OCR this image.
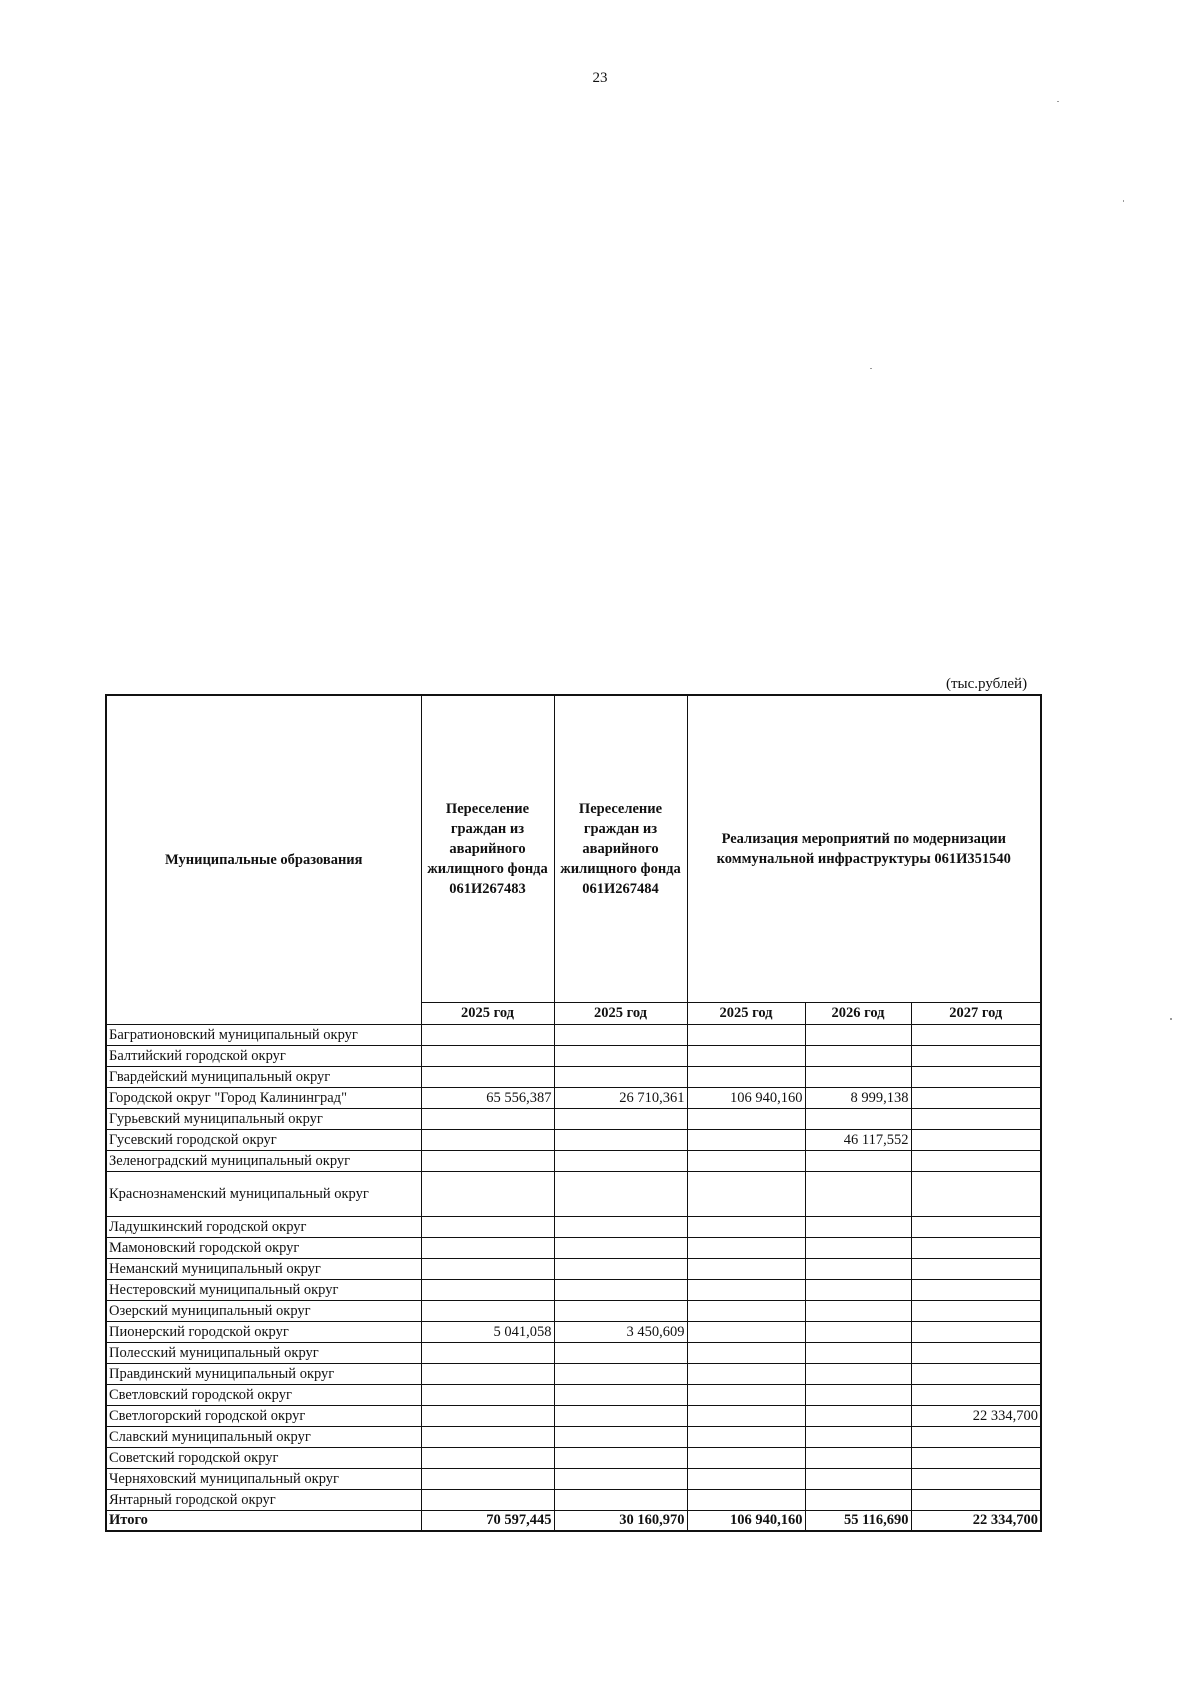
23
(тыс.рублей)
Муниципальные образования	Переселение граждан из аварийного жилищного фонда 061И267483	Переселение граждан из аварийного жилищного фонда 061И267484	Реализация мероприятий по модернизации коммунальной инфраструктуры 061И351540		
	2025 год	2025 год	2025 год	2026 год	2027 год
Багратионовский муниципальный округ					
Балтийский городской округ					
Гвардейский муниципальный округ					
Городской округ "Город Калининград"	65 556,387	26 710,361	106 940,160	8 999,138	
Гурьевский муниципальный округ					
Гусевский городской округ				46 117,552	
Зеленоградский муниципальный округ					
Краснознаменский муниципальный округ					
Ладушкинский городской округ					
Мамоновский городской округ					
Неманский муниципальный округ					
Нестеровский муниципальный округ					
Озерский муниципальный округ					
Пионерский городской округ	5 041,058	3 450,609			
Полесский муниципальный округ					
Правдинский муниципальный округ					
Светловский городской округ					
Светлогорский городской округ					22 334,700
Славский муниципальный округ					
Советский городской округ					
Черняховский муниципальный округ					
Янтарный городской округ					
Итого	70 597,445	30 160,970	106 940,160	55 116,690	22 334,700
